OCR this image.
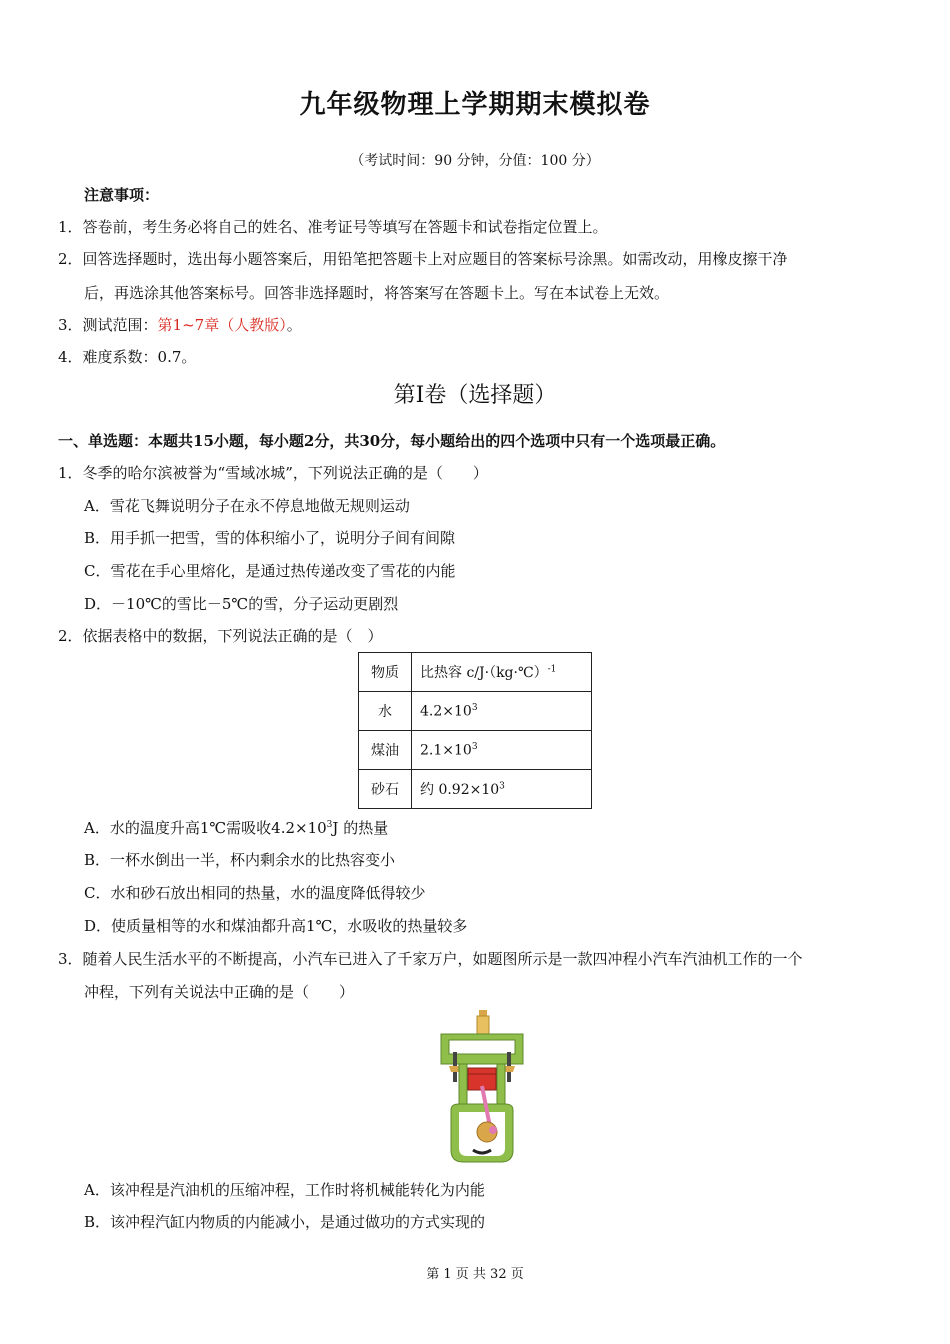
九年级物理上学期期末模拟卷
（考试时间：90 分钟，分值：100 分）
注意事项：
1．答卷前，考生务必将自己的姓名、准考证号等填写在答题卡和试卷指定位置上。
2．回答选择题时，选出每小题答案后，用铅笔把答题卡上对应题目的答案标号涂黑。如需改动，用橡皮擦干净
后，再选涂其他答案标号。回答非选择题时，将答案写在答题卡上。写在本试卷上无效。
3．测试范围：第1~7章（人教版）。
4．难度系数：0.7。
第I卷（选择题）
一、单选题：本题共15小题，每小题2分，共30分，每小题给出的四个选项中只有一个选项最正确。
1．冬季的哈尔滨被誉为“雪域冰城”，下列说法正确的是（　　）
A．雪花飞舞说明分子在永不停息地做无规则运动
B．用手抓一把雪，雪的体积缩小了，说明分子间有间隙
C．雪花在手心里熔化，是通过热传递改变了雪花的内能
D．－10℃的雪比－5℃的雪，分子运动更剧烈
2．依据表格中的数据，下列说法正确的是（　）
物质	比热容 c/J·（kg·℃）$^{-1}$
水	$4.2\times 10^3$
煤油	$2.1\times 10^3$
砂石	约 $0.92\times 10^3$
A．水的温度升高1℃需吸收$4.2\times 10^3J$ 的热量
B．一杯水倒出一半，杯内剩余水的比热容变小
C．水和砂石放出相同的热量，水的温度降低得较少
D．使质量相等的水和煤油都升高1℃，水吸收的热量较多
3．随着人民生活水平的不断提高，小汽车已进入了千家万户，如题图所示是一款四冲程小汽车汽油机工作的一个
冲程，下列有关说法中正确的是（　　）
A．该冲程是汽油机的压缩冲程，工作时将机械能转化为内能
B．该冲程汽缸内物质的内能减小，是通过做功的方式实现的
第 1 页 共 32 页
